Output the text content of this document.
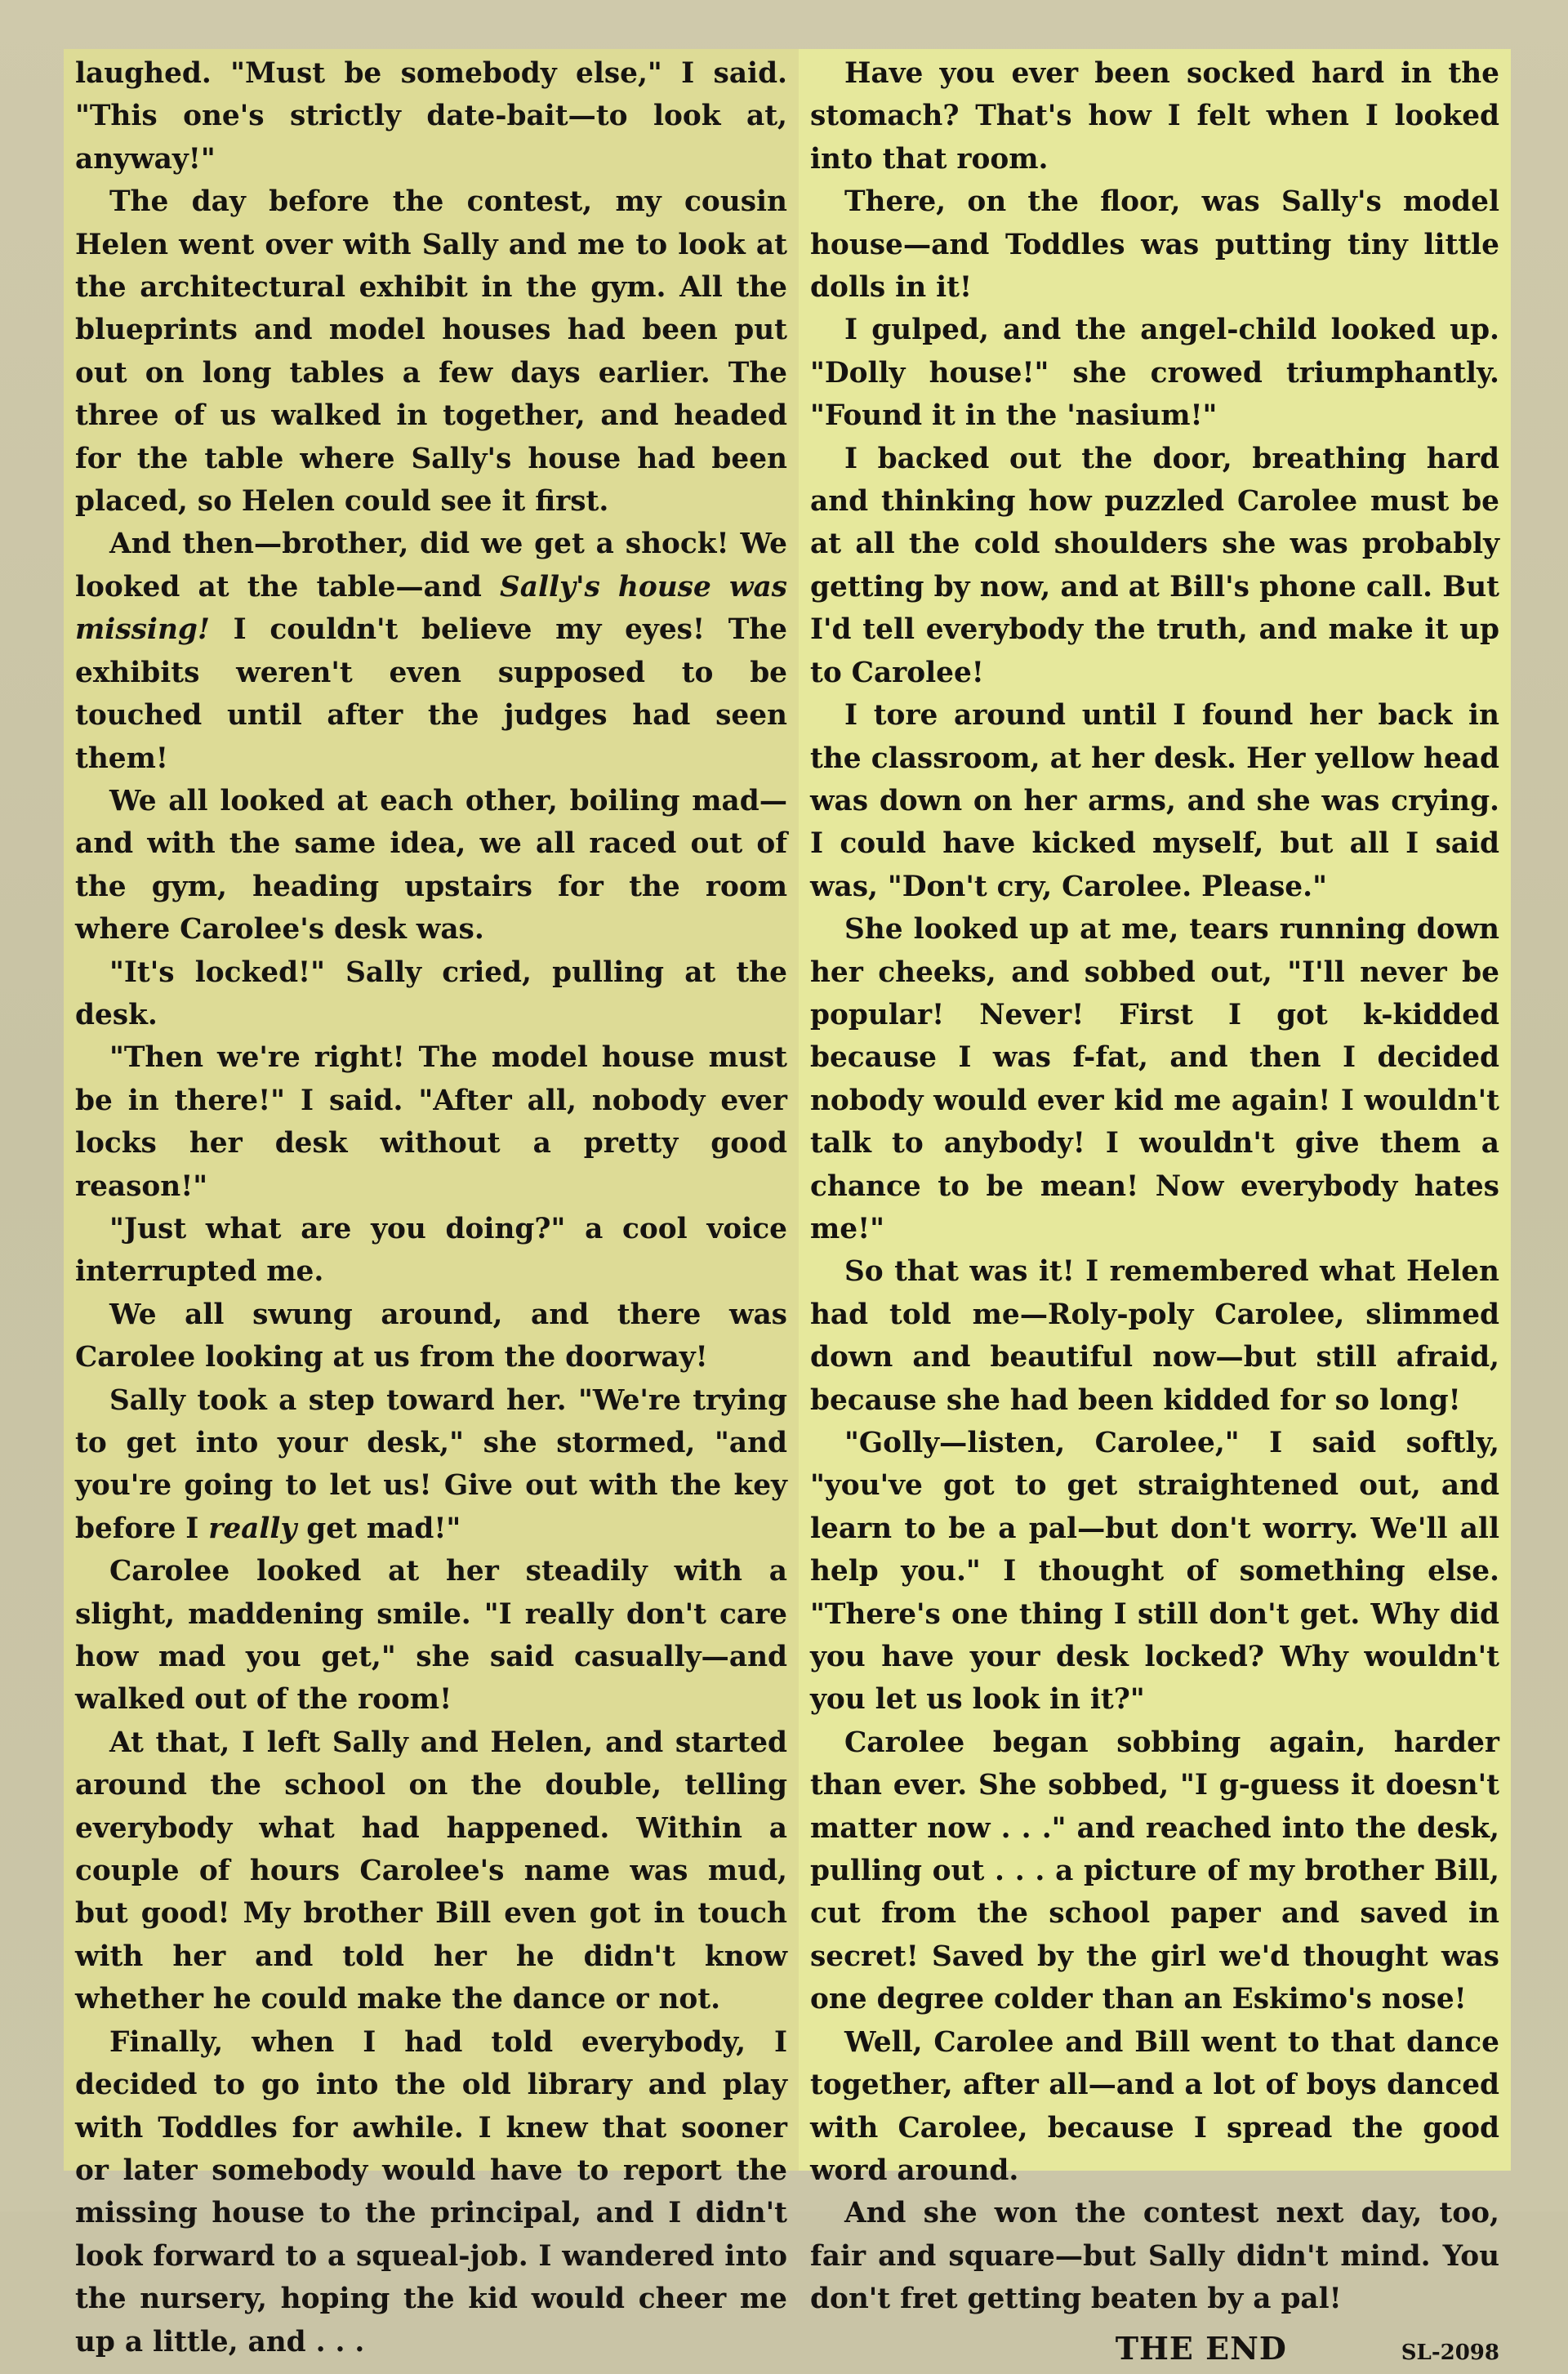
laughed. "Must be somebody else," I said. "This one's strictly date-bait—to look at, anyway!"

The day before the contest, my cousin Helen went over with Sally and me to look at the architectural exhibit in the gym. All the blueprints and model houses had been put out on long tables a few days earlier. The three of us walked in together, and headed for the table where Sally's house had been placed, so Helen could see it first.

And then—brother, did we get a shock! We looked at the table—and Sally's house was missing! I couldn't believe my eyes! The exhibits weren't even supposed to be touched until after the judges had seen them!

We all looked at each other, boiling mad—and with the same idea, we all raced out of the gym, heading upstairs for the room where Carolee's desk was.

"It's locked!" Sally cried, pulling at the desk.

"Then we're right! The model house must be in there!" I said. "After all, nobody ever locks her desk without a pretty good reason!"

"Just what are you doing?" a cool voice interrupted me.

We all swung around, and there was Carolee looking at us from the doorway!

Sally took a step toward her. "We're trying to get into your desk," she stormed, "and you're going to let us! Give out with the key before I really get mad!"

Carolee looked at her steadily with a slight, maddening smile. "I really don't care how mad you get," she said casually—and walked out of the room!

At that, I left Sally and Helen, and started around the school on the double, telling everybody what had happened. Within a couple of hours Carolee's name was mud, but good! My brother Bill even got in touch with her and told her he didn't know whether he could make the dance or not.

Finally, when I had told everybody, I decided to go into the old library and play with Toddles for awhile. I knew that sooner or later somebody would have to report the missing house to the principal, and I didn't look forward to a squeal-job. I wandered into the nursery, hoping the kid would cheer me up a little, and . . .

Have you ever been socked hard in the stomach? That's how I felt when I looked into that room.

There, on the floor, was Sally's model house—and Toddles was putting tiny little dolls in it!

I gulped, and the angel-child looked up. "Dolly house!" she crowed triumphantly. "Found it in the 'nasium!"

I backed out the door, breathing hard and thinking how puzzled Carolee must be at all the cold shoulders she was probably getting by now, and at Bill's phone call. But I'd tell everybody the truth, and make it up to Carolee!

I tore around until I found her back in the classroom, at her desk. Her yellow head was down on her arms, and she was crying. I could have kicked myself, but all I said was, "Don't cry, Carolee. Please."

She looked up at me, tears running down her cheeks, and sobbed out, "I'll never be popular! Never! First I got k-kidded because I was f-fat, and then I decided nobody would ever kid me again! I wouldn't talk to anybody! I wouldn't give them a chance to be mean! Now everybody hates me!"

So that was it! I remembered what Helen had told me—Roly-poly Carolee, slimmed down and beautiful now—but still afraid, because she had been kidded for so long!

"Golly—listen, Carolee," I said softly, "you've got to get straightened out, and learn to be a pal—but don't worry. We'll all help you." I thought of something else. "There's one thing I still don't get. Why did you have your desk locked? Why wouldn't you let us look in it?"

Carolee began sobbing again, harder than ever. She sobbed, "I g-guess it doesn't matter now . . ." and reached into the desk, pulling out . . . a picture of my brother Bill, cut from the school paper and saved in secret! Saved by the girl we'd thought was one degree colder than an Eskimo's nose!

Well, Carolee and Bill went to that dance together, after all—and a lot of boys danced with Carolee, because I spread the good word around.

And she won the contest next day, too, fair and square—but Sally didn't mind. You don't fret getting beaten by a pal!

THE END	SL-2098
